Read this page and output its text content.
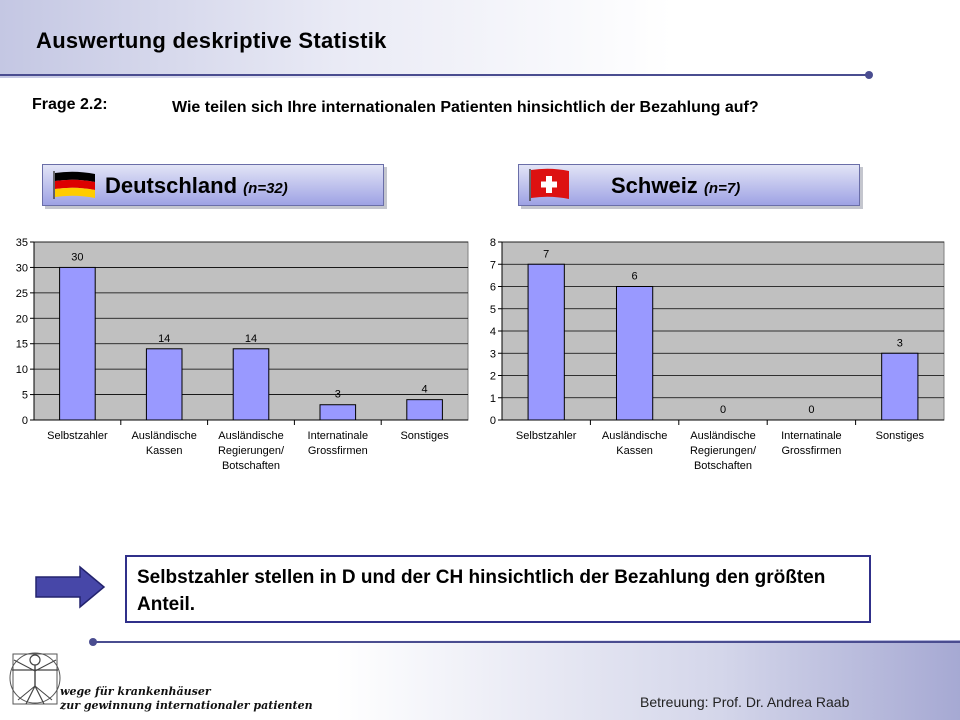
Auswertung deskriptive Statistik
Frage 2.2:	Wie teilen sich Ihre internationalen Patienten hinsichtlich der Bezahlung auf?
Deutschland (n=32)	Schweiz (n=7)
0
5
10
15
20
25
30
35
30
Selbstzahler
14
Ausländische
Kassen
14
Ausländische
Regierungen/
Botschaften
3
Internatinale
Grossfirmen
4
Sonstiges
0
1
2
3
4
5
6
7
8
7
Selbstzahler
6
Ausländische
Kassen
0
Ausländische
Regierungen/
Botschaften
0
Internatinale
Grossfirmen
3
Sonstiges
Selbstzahler stellen in D und der CH hinsichtlich der Bezahlung den größten Anteil.
wege für krankenhäuser
zur gewinnung internationaler patienten	Betreuung: Prof. Dr. Andrea Raab
